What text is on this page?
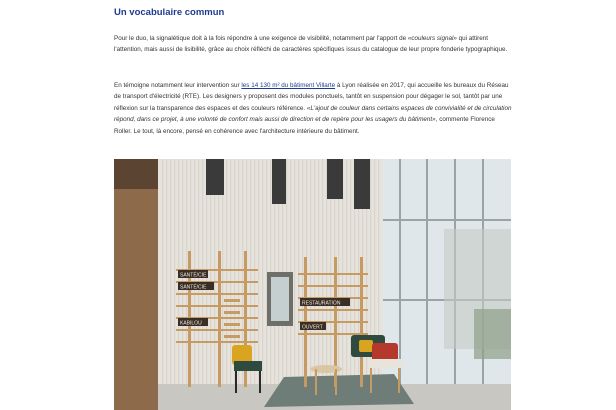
Un vocabulaire commun

Pour le duo, la signalétique doit à la fois répondre à une exigence de visibilité, notamment par l'apport de «couleurs signal» qui attirent l'attention, mais aussi de lisibilité, grâce au choix réfléchi de caractères spécifiques issus du catalogue de leur propre fonderie typographique.

En témoigne notamment leur intervention sur les 14 130 m² du bâtiment Villarte à Lyon réalisée en 2017, qui accueille les bureaux du Réseau de transport d'électricité (RTE). Les designers y proposent des modules ponctuels, tantôt en suspension pour dégager le sol, tantôt par une réflexion sur la transparence des espaces et des couleurs référence. «L'ajout de couleur dans certains espaces de convivialité et de circulation répond, dans ce projet, à une volonté de confort mais aussi de direction et de repère pour les usagers du bâtiment», commente Florence Roller. Le tout, là encore, pensé en cohérence avec l'architecture intérieure du bâtiment.

SANTÉ/CIE
SANTÉ/CIE
KABILOU
RESTAURATION
OUVERT
